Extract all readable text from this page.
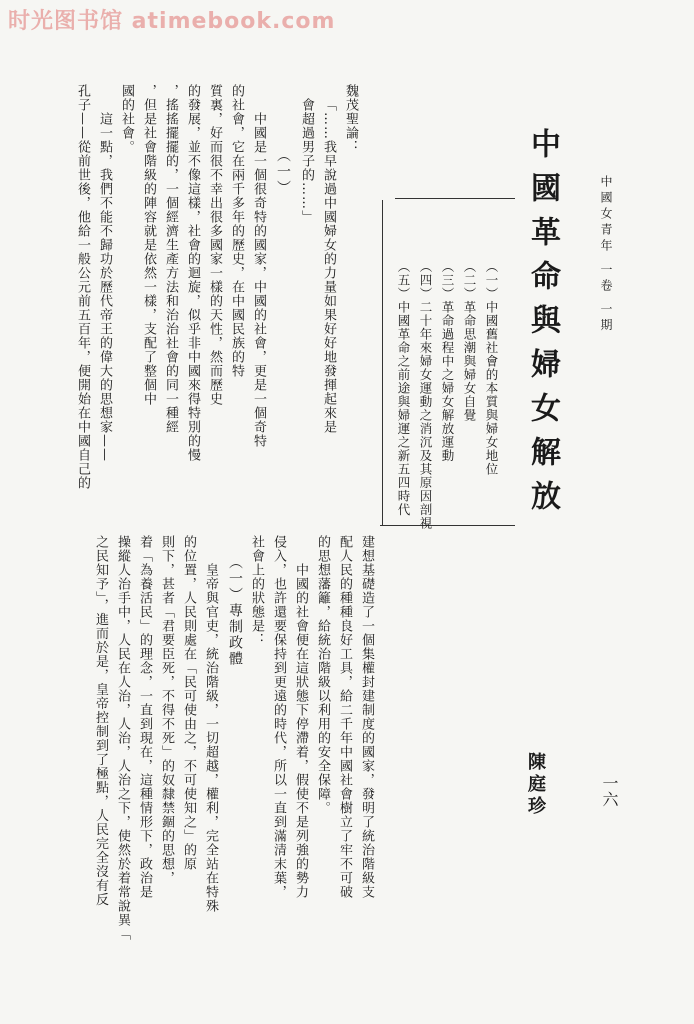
时光图书馆 atimebook.com
中國女青年 一卷 一期
一六
中國革命與婦女解放
陳庭珍
（一）中國舊社會的本質與婦女地位
（二）革命思潮與婦女自覺
（三）革命過程中之婦女解放運動
（四）二十年來婦女運動之消沉及其原因剖視
（五）中國革命之前途與婦運之新五四時代
建想基礎造了一個集權封建制度的國家，發明了統治階級支
配人民的種種良好工具，給二千年中國社會樹立了牢不可破
的思想藩籬，給統治階級以利用的安全保障。
　　中國的社會便在這狀態下停滯着，假使不是列強的勢力
侵入，也許還要保持到更遠的時代，所以一直到滿清末葉，
社會上的狀態是：
（一）專制政體
　　皇帝與官吏，統治階級，一切超越，權利，完全站在特殊
的位置，人民則處在「民可使由之，不可使知之」的原
則下，甚者「君要臣死，不得不死」的奴隸禁錮的思想，
着「為養活民」的理念，一直到現在，這種情形下，政治是
操縱人治手中，人民在人治，人治，人治之下，使然於着常說異「
之民知予」，進而於是，皇帝控制到了極點，人民完全沒有反
魏茂聖論：
「……我早說過中國婦女的力量如果好好地發揮起來是
會超過男子的……」
（一）
　　中國是一個很奇特的國家，中國的社會，更是一個奇特
的社會，它在兩千多年的歷史，在中國民族的特
質裏，好而很不幸出很多國家一樣的天性，然而歷史
的發展，並不像這樣，社會的迴旋，似乎非中國來得特別的慢
，搖搖擺擺的，一個經濟生產方法和治治社會的同一種經
，但是社會階級的陣容就是依然一樣，支配了整個中
國的社會。
　　這一點，我們不能不歸功於歷代帝王的偉大的思想家——
孔子——從前世後，他給一般公元前五百年，便開始在中國自己的
